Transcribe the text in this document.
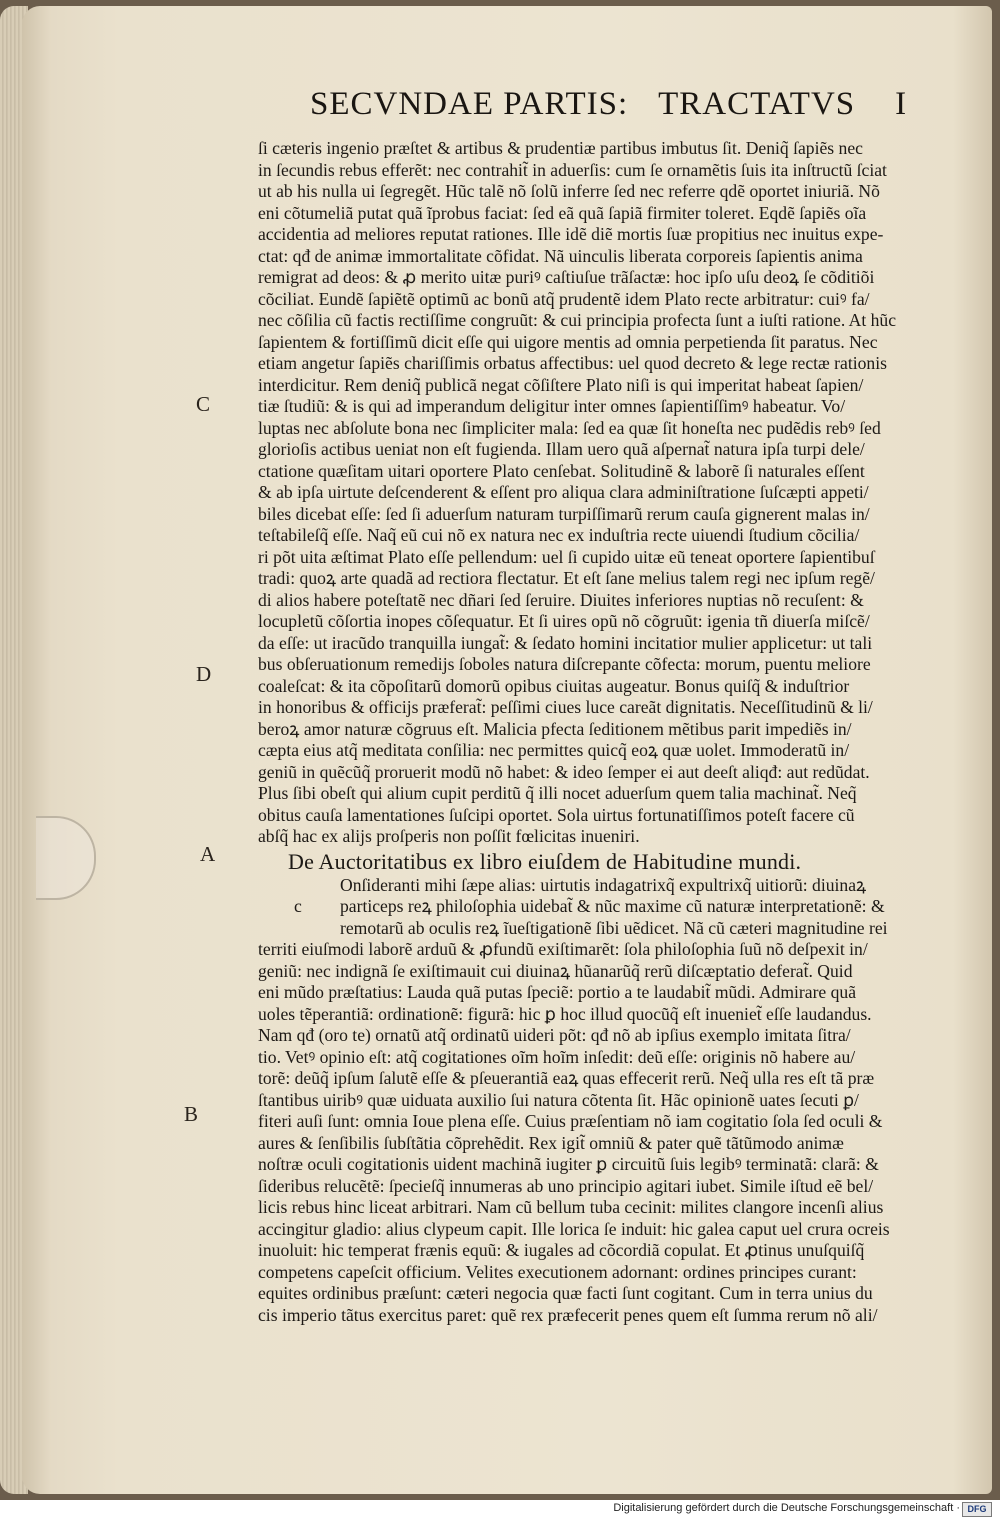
SECVNDAE PARTIS: TRACTATVS I
C
D
A
B
ſi cæteris ingenio præſtet & artibus & prudentiæ partibus imbutus ſit. Deniq̃ ſapiẽs nec
in ſecundis rebus efferẽt: nec contrahit̃ in aduerſis: cum ſe ornamẽtis ſuis ita inſtructũ ſciat
ut ab his nulla ui ſegregẽt. Hũc talẽ nõ ſolũ inferre ſed nec referre qdẽ oportet iniuriã. Nõ
eni cõtumeliã putat quã ĩprobus faciat: ſed eã quã ſapiã firmiter toleret. Eqdẽ ſapiẽs oĩa
accidentia ad meliores reputat rationes. Ille idẽ diẽ mortis ſuæ propitius nec inuitus expe-
ctat: qđ de animæ immortalitate cõfidat. Nã uinculis liberata corporeis ſapientis anima
remigrat ad deos: & ꝓ merito uitæ puriꝰ caſtiuſue trãſactæ: hoc ipſo uſu deoꝝ ſe cõditiõi
cõciliat. Eundẽ ſapiẽtẽ optimũ ac bonũ atq̃ prudentẽ idem Plato recte arbitratur: cuiꝰ fa/
nec cõſilia cũ factis rectiſſime congruũt: & cui principia profecta ſunt a iuſti ratione. At hũc
ſapientem & fortiſſimũ dicit eſſe qui uigore mentis ad omnia perpetienda ſit paratus. Nec
etiam angetur ſapiẽs chariſſimis orbatus affectibus: uel quod decreto & lege rectæ rationis
interdicitur. Rem deniq̃ publicã negat cõſiſtere Plato niſi is qui imperitat habeat ſapien/
tiæ ſtudiũ: & is qui ad imperandum deligitur inter omnes ſapientiſſimꝰ habeatur. Vo/
luptas nec abſolute bona nec ſimpliciter mala: ſed ea quæ ſit honeſta nec pudẽdis rebꝰ ſed
glorioſis actibus ueniat non eſt fugienda. Illam uero quã aſpernat̃ natura ipſa turpi dele/
ctatione quæſitam uitari oportere Plato cenſebat. Solitudinẽ & laborẽ ſi naturales eſſent
& ab ipſa uirtute deſcenderent & eſſent pro aliqua clara adminiſtratione ſuſcæpti appeti/
biles dicebat eſſe: ſed ſi aduerſum naturam turpiſſimarũ rerum cauſa gignerent malas in/
teſtabileſq̃ eſſe. Naq̃ eũ cui nõ ex natura nec ex induſtria recte uiuendi ſtudium cõcilia/
ri põt uita æſtimat Plato eſſe pellendum: uel ſi cupido uitæ eũ teneat oportere ſapientibuſ
tradi: quoꝝ arte quadã ad rectiora flectatur. Et eſt ſane melius talem regi nec ipſum regẽ/
di alios habere poteſtatẽ nec dñari ſed ſeruire. Diuites inferiores nuptias nõ recuſent: &
locupletũ cõſortia inopes cõſequatur. Et ſi uires opũ nõ cõgruũt: igenia tñ diuerſa miſcẽ/
da eſſe: ut iracũdo tranquilla iungat̃: & ſedato homini incitatior mulier applicetur: ut tali
bus obſeruationum remedijs ſoboles natura diſcrepante cõfecta: morum, puentu meliore
coaleſcat: & ita cõpoſitarũ domorũ opibus ciuitas augeatur. Bonus quiſq̃ & induſtrior
in honoribus & officijs præferat̃: peſſimi ciues luce careãt dignitatis. Neceſſitudinũ & li/
beroꝝ amor naturæ cõgruus eſt. Malicia pfecta ſeditionem mẽtibus parit impediẽs in/
cæpta eius atq̃ meditata conſilia: nec permittes quicq̃ eoꝝ quæ uolet. Immoderatũ in/
geniũ in quẽcũq̃ proruerit modũ nõ habet: & ideo ſemper ei aut deeſt aliqđ: aut redũdat.
Plus ſibi obeſt qui alium cupit perditũ q̃ illi nocet aduerſum quem talia machinat̃. Neq̃
obitus cauſa lamentationes ſuſcipi oportet. Sola uirtus fortunatiſſimos poteſt facere cũ
abſq̃ hac ex alijs proſperis non poſſit fœlicitas inueniri.
De Auctoritatibus ex libro eiuſdem de Habitudine mundi.
Onſideranti mihi ſæpe alias: uirtutis indagatrixq̃ expultrixq̃ uitiorũ: diuinaꝝ
c	particeps reꝝ philoſophia uidebat̃ & nũc maxime cũ naturæ interpretationẽ: &
remotarũ ab oculis reꝝ ĩueſtigationẽ ſibi uẽdicet. Nã cũ cæteri magnitudine rei
territi eiuſmodi laborẽ arduũ & ꝓfundũ exiſtimarẽt: ſola philoſophia ſuũ nõ deſpexit in/
geniũ: nec indignã ſe exiſtimauit cui diuinaꝝ hũanarũq̃ rerũ diſcæptatio deferat̃. Quid
eni mũdo præſtatius: Lauda quã putas ſpeciẽ: portio a te laudabit̃ mũdi. Admirare quã
uoles tẽperantiã: ordinationẽ: figurã: hic ꝑ hoc illud quocũq̃ eſt inueniet̃ eſſe laudandus.
Nam qđ (oro te) ornatũ atq̃ ordinatũ uideri põt: qđ nõ ab ipſius exemplo imitata ſitra/
tio. Vetꝰ opinio eſt: atq̃ cogitationes oĩm hoĩm inſedit: deũ eſſe: originis nõ habere au/
torẽ: deũq̃ ipſum ſalutẽ eſſe & pſeuerantiã eaꝝ quas effecerit rerũ. Neq̃ ulla res eſt tã præ
ſtantibus uiribꝰ quæ uiduata auxilio ſui natura cõtenta ſit. Hãc opinionẽ uates ſecuti ꝑ/
fiteri auſi ſunt: omnia Ioue plena eſſe. Cuius præſentiam nõ iam cogitatio ſola ſed oculi &
aures & ſenſibilis ſubſtãtia cõprehẽdit. Rex igit̃ omniũ & pater quẽ tãtũmodo animæ
noſtræ oculi cogitationis uident machinã iugiter ꝑ circuitũ ſuis legibꝰ terminatã: clarã: &
ſideribus relucẽtẽ: ſpecieſq̃ innumeras ab uno principio agitari iubet. Simile iſtud eẽ bel/
licis rebus hinc liceat arbitrari. Nam cũ bellum tuba cecinit: milites clangore incenſi alius
accingitur gladio: alius clypeum capit. Ille lorica ſe induit: hic galea caput uel crura ocreis
inuoluit: hic temperat frænis equũ: & iugales ad cõcordiã copulat. Et ꝓtinus unuſquiſq̃
competens capeſcit officium. Velites executionem adornant: ordines principes curant:
equites ordinibus præſunt: cæteri negocia quæ facti ſunt cogitant. Cum in terra unius du
cis imperio tãtus exercitus paret: quẽ rex præfecerit penes quem eſt ſumma rerum nõ ali/
Digitalisierung gefördert durch die Deutsche Forschungsgemeinschaft · DFG
